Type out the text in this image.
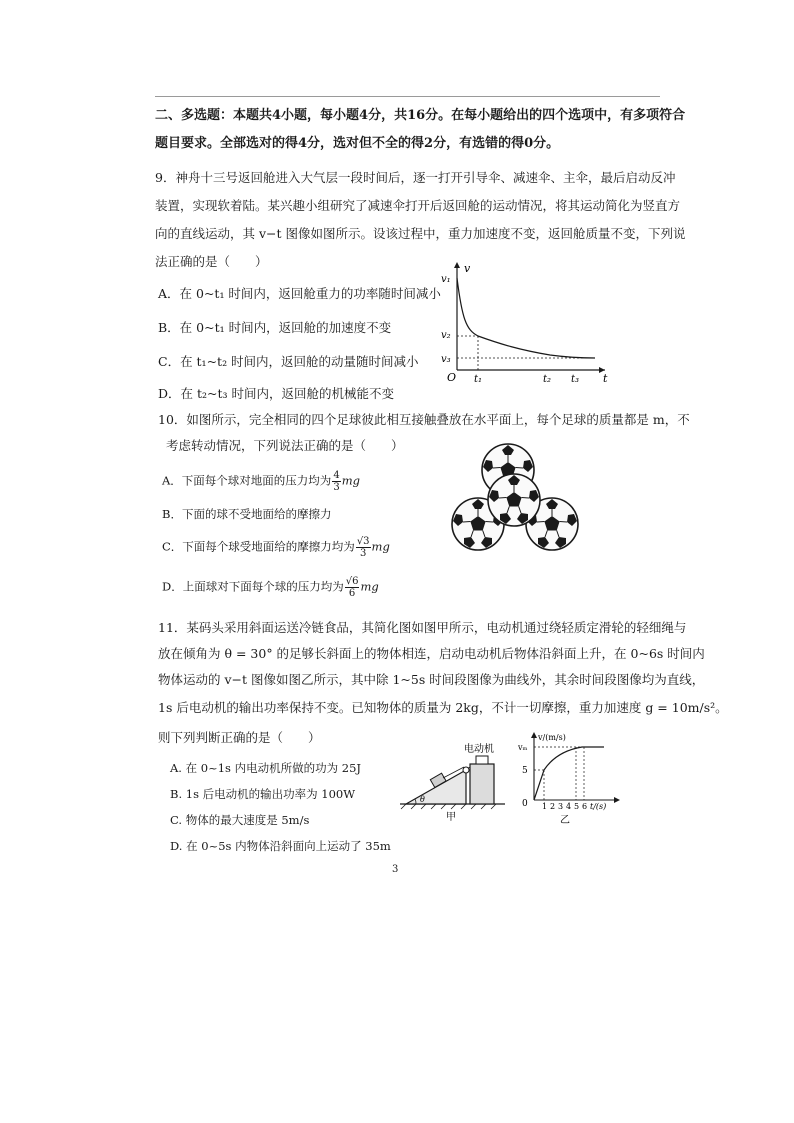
二、多选题：本题共4小题，每小题4分，共16分。在每小题给出的四个选项中，有多项符合
题目要求。全部选对的得4分，选对但不全的得2分，有选错的得0分。
9．神舟十三号返回舱进入大气层一段时间后，逐一打开引导伞、减速伞、主伞，最后启动反冲
装置，实现软着陆。某兴趣小组研究了减速伞打开后返回舱的运动情况，将其运动简化为竖直方
向的直线运动，其 v−t 图像如图所示。设该过程中，重力加速度不变，返回舱质量不变，下列说
法正确的是（　　）
A．在 0~t₁ 时间内，返回舱重力的功率随时间减小
B．在 0~t₁ 时间内，返回舱的加速度不变
C．在 t₁~t₂ 时间内，返回舱的动量随时间减小
D．在 t₂~t₃ 时间内，返回舱的机械能不变
v
v₁
v₂
v₃
O t₁	t₂ t₃ t
10．如图所示，完全相同的四个足球彼此相互接触叠放在水平面上，每个足球的质量都是 m，不
考虑转动情况，下列说法正确的是（　　）
A．下面每个球对地面的压力均为 $\frac{4}{3}$ mg
B．下面的球不受地面给的摩擦力
C．下面每个球受地面给的摩擦力均为 $\frac{√3}{3}$ mg
D．上面球对下面每个球的压力均为 $\frac{√6}{6}$ mg
11．某码头采用斜面运送冷链食品，其简化图如图甲所示，电动机通过绕轻质定滑轮的轻细绳与
放在倾角为 θ = 30° 的足够长斜面上的物体相连，启动电动机后物体沿斜面上升，在 0~6s 时间内
物体运动的 v−t 图像如图乙所示，其中除 1~5s 时间段图像为曲线外，其余时间段图像均为直线，
1s 后电动机的输出功率保持不变。已知物体的质量为 2kg，不计一切摩擦，重力加速度 g = 10m/s²。
则下列判断正确的是（　　）
A. 在 0~1s 内电动机所做的功为 25J
B. 1s 后电动机的输出功率为 100W
C. 物体的最大速度是 5m/s
D. 在 0~5s 内物体沿斜面向上运动了 35m
θ
电动机
甲
v/(m/s)
vₘ
5
0 1 2 3 4 5 6 t/(s)
乙
3
